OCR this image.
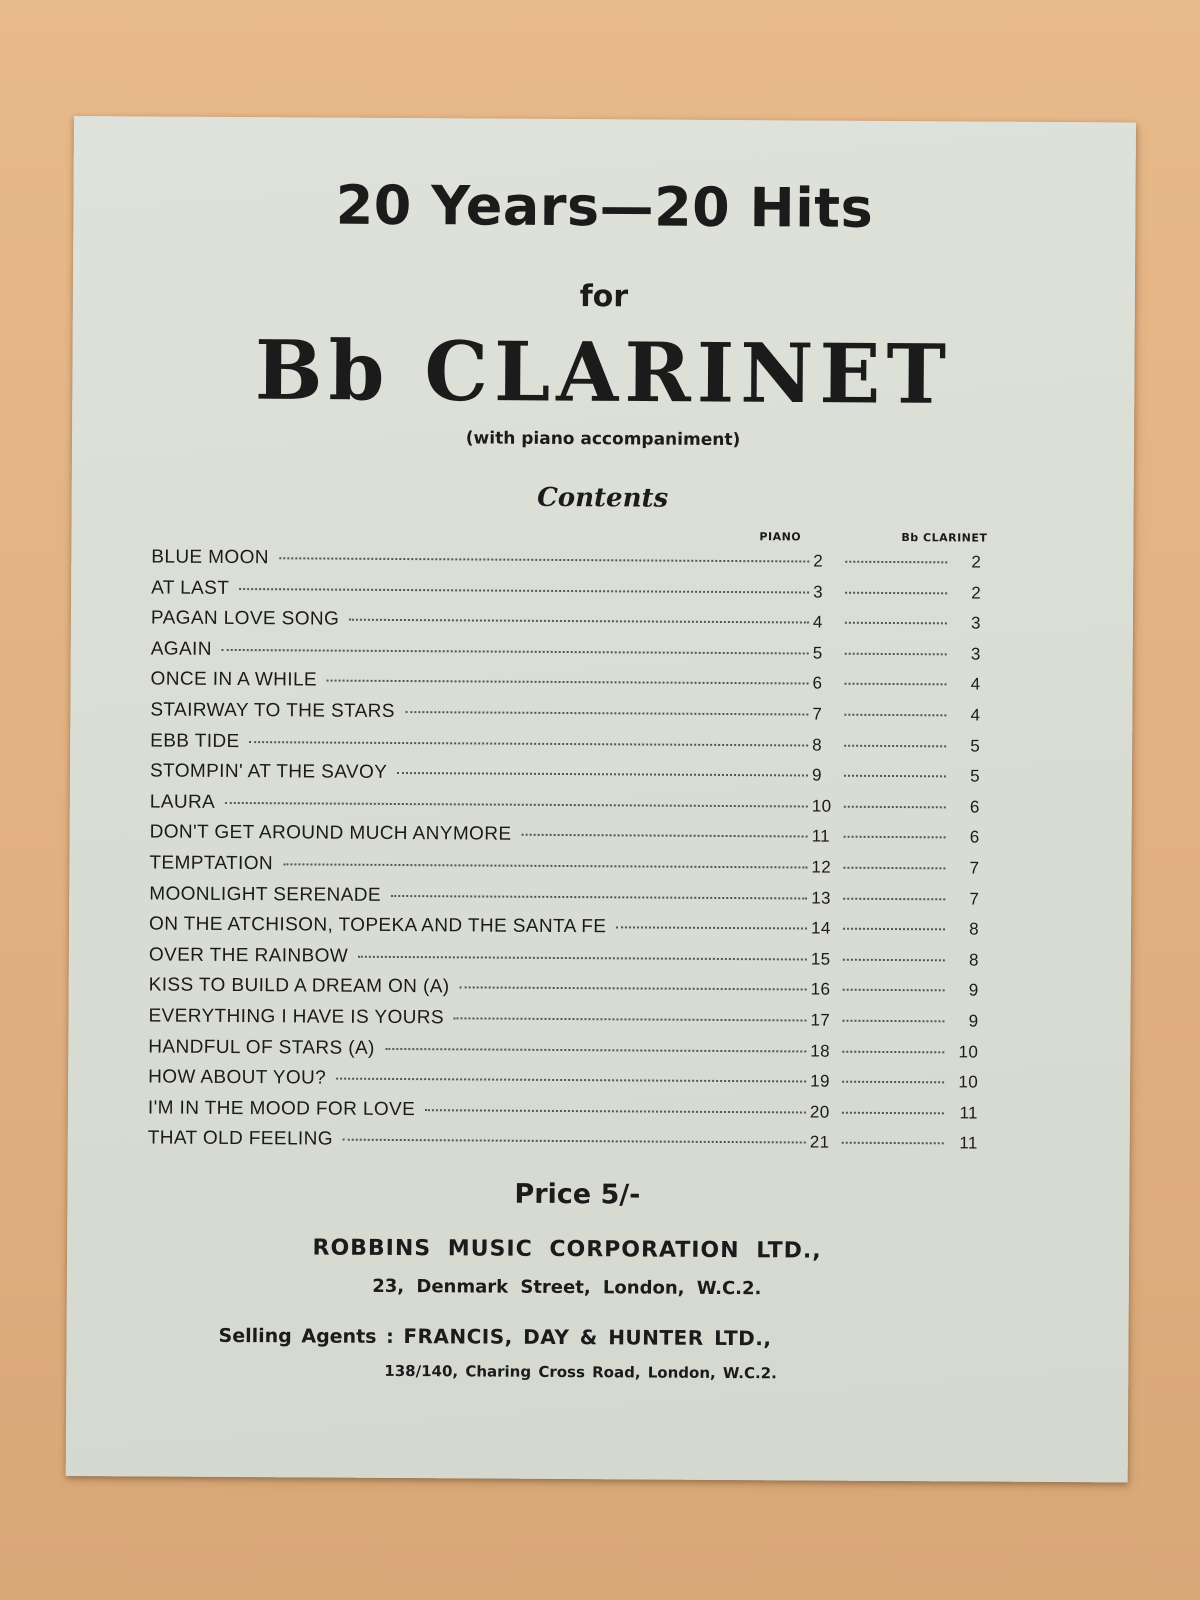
20 Years—20 Hits
for
Bb CLARINET
(with piano accompaniment)
Contents
PIANO	Bb CLARINET
BLUE MOON	2	2
AT LAST	3	2
PAGAN LOVE SONG	4	3
AGAIN	5	3
ONCE IN A WHILE	6	4
STAIRWAY TO THE STARS	7	4
EBB TIDE	8	5
STOMPIN' AT THE SAVOY	9	5
LAURA	10	6
DON'T GET AROUND MUCH ANYMORE	11	6
TEMPTATION	12	7
MOONLIGHT SERENADE	13	7
ON THE ATCHISON, TOPEKA AND THE SANTA FE	14	8
OVER THE RAINBOW	15	8
KISS TO BUILD A DREAM ON (A)	16	9
EVERYTHING I HAVE IS YOURS	17	9
HANDFUL OF STARS (A)	18	10
HOW ABOUT YOU?	19	10
I'M IN THE MOOD FOR LOVE	20	11
THAT OLD FEELING	21	11
Price 5/-
ROBBINS MUSIC CORPORATION LTD.,
23, Denmark Street, London, W.C.2.
Selling Agents : FRANCIS, DAY & HUNTER LTD.,
138/140, Charing Cross Road, London, W.C.2.
